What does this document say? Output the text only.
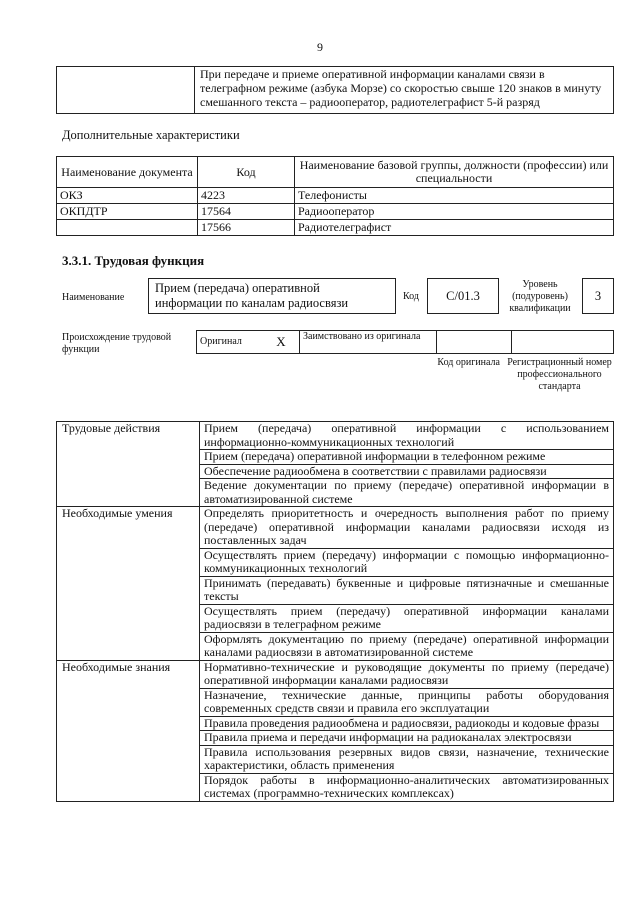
9
	При передаче и приеме оперативной информации каналами связи в телеграфном режиме (азбука Морзе) со скоростью свыше 120 знаков в минуту смешанного текста – радиооператор, радиотелеграфист 5-й разряд
Дополнительные характеристики
Наименование документа	Код	Наименование базовой группы, должности (профессии) или специальности
ОКЗ	4223	Телефонисты
ОКПДТР	17564	Радиооператор
	17566	Радиотелеграфист
3.3.1. Трудовая функция
Наименование
Прием (передача) оперативной информации по каналам радиосвязи	Код	C/01.3
Уровень (подуровень) квалификации
3
Происхождение трудовой функции
Оригинал	X	Заимствовано из оригинала		
Код оригинала Регистрационный номер профессионального стандарта
Трудовые действия	Прием (передача) оперативной информации с использованием информационно-коммуникационных технологий
	Прием (передача) оперативной информации в телефонном режиме
	Обеспечение радиообмена в соответствии с правилами радиосвязи
	Ведение документации по приему (передаче) оперативной информации в автоматизированной системе
Необходимые умения	Определять приоритетность и очередность выполнения работ по приему (передаче) оперативной информации каналами радиосвязи исходя из поставленных задач
	Осуществлять прием (передачу) информации с помощью информационно-коммуникационных технологий
	Принимать (передавать) буквенные и цифровые пятизначные и смешанные тексты
	Осуществлять прием (передачу) оперативной информации каналами радиосвязи в телеграфном режиме
	Оформлять документацию по приему (передаче) оперативной информации каналами радиосвязи в автоматизированной системе
Необходимые знания	Нормативно-технические и руководящие документы по приему (передаче) оперативной информации каналами радиосвязи
	Назначение, технические данные, принципы работы оборудования современных средств связи и правила его эксплуатации
	Правила проведения радиообмена и радиосвязи, радиокоды и кодовые фразы
	Правила приема и передачи информации на радиоканалах электросвязи
	Правила использования резервных видов связи, назначение, технические характеристики, область применения
	Порядок работы в информационно-аналитических автоматизированных системах (программно-технических комплексах)
